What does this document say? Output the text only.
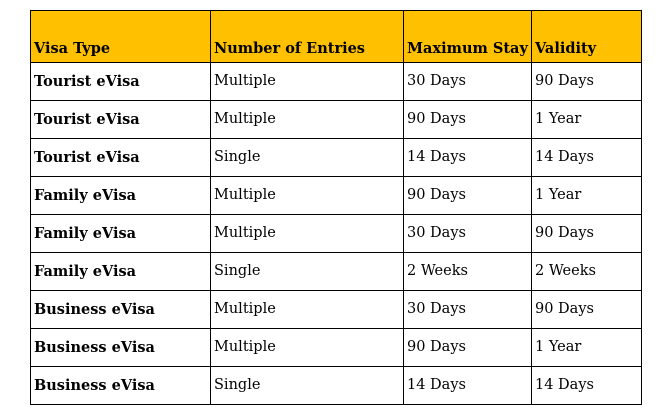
Visa Type	Number of Entries	Maximum Stay	Validity
Tourist eVisa	Multiple	30 Days	90 Days
Tourist eVisa	Multiple	90 Days	1 Year
Tourist eVisa	Single	14 Days	14 Days
Family eVisa	Multiple	90 Days	1 Year
Family eVisa	Multiple	30 Days	90 Days
Family eVisa	Single	2 Weeks	2 Weeks
Business eVisa	Multiple	30 Days	90 Days
Business eVisa	Multiple	90 Days	1 Year
Business eVisa	Single	14 Days	14 Days
